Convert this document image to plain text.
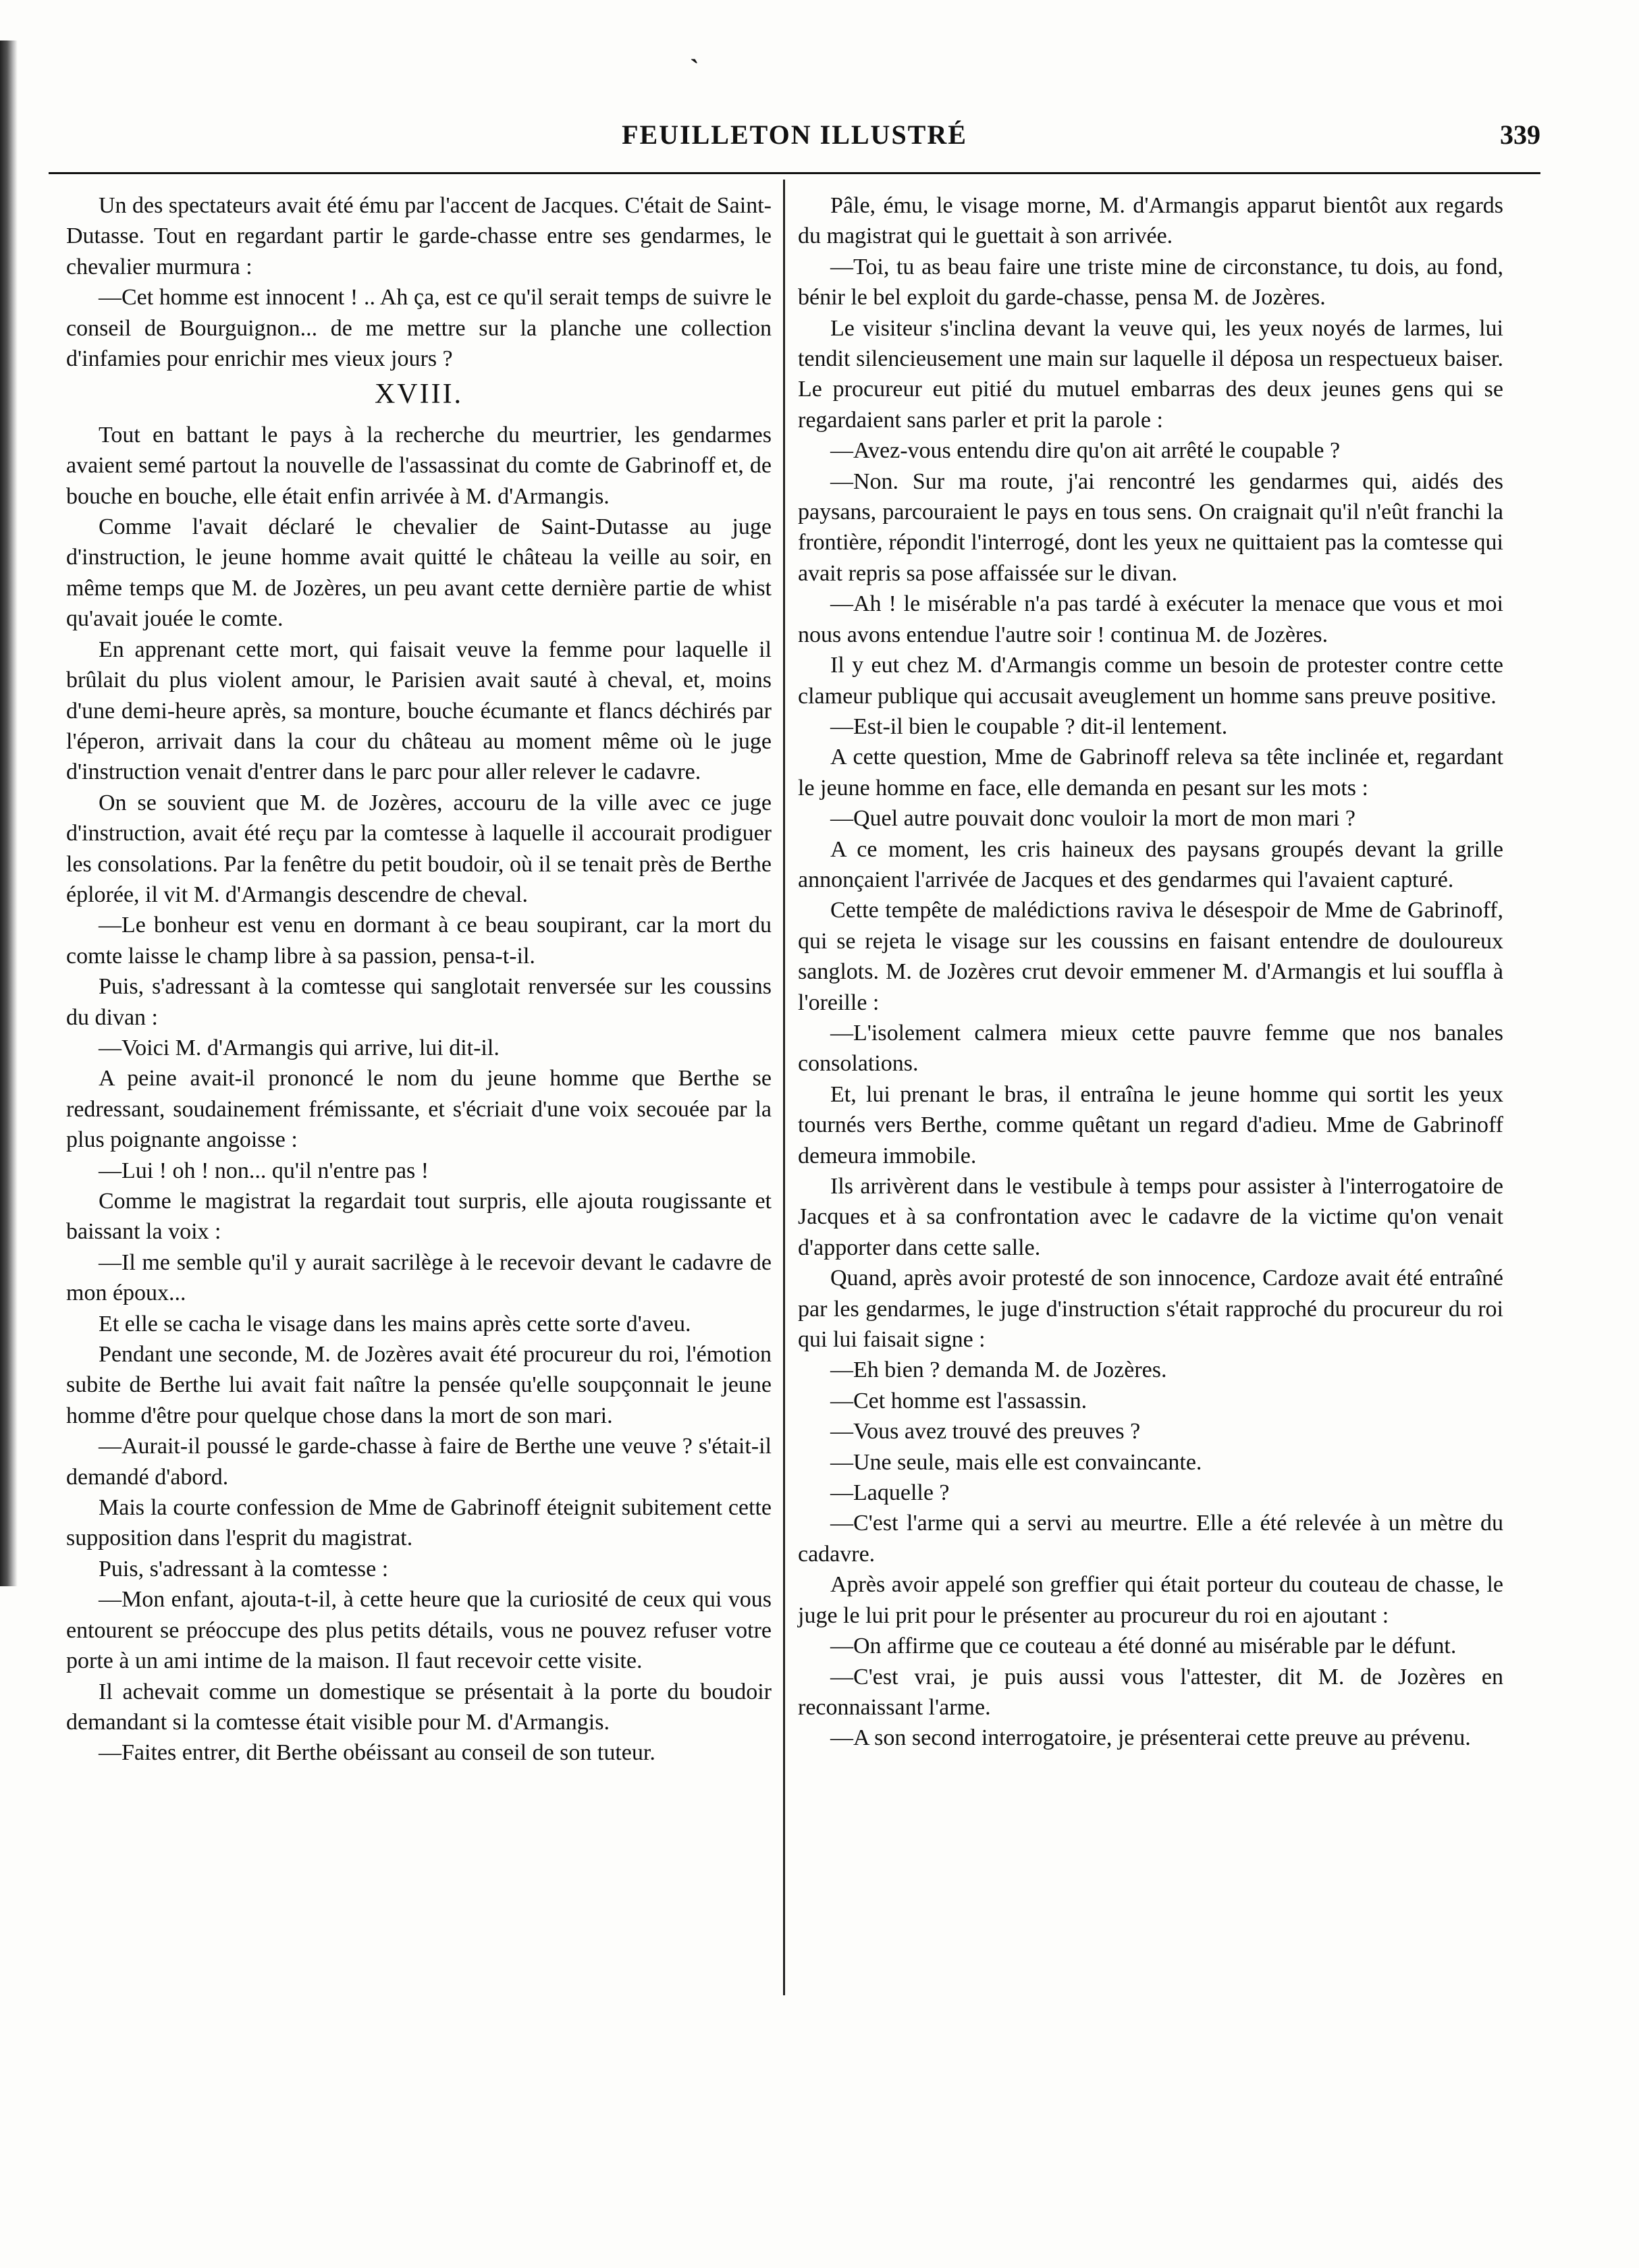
ˎ
FEUILLETON ILLUSTRÉ	339

Un des spectateurs avait été ému par l'accent de Jacques. C'était de Saint-Dutasse. Tout en regardant partir le garde-chasse entre ses gendarmes, le chevalier murmura :

—Cet homme est innocent ! .. Ah ça, est ce qu'il serait temps de suivre le conseil de Bourguignon... de me mettre sur la planche une collection d'infamies pour enrichir mes vieux jours ?

XVIII.

Tout en battant le pays à la recherche du meurtrier, les gendarmes avaient semé partout la nouvelle de l'assassinat du comte de Gabrinoff et, de bouche en bouche, elle était enfin arrivée à M. d'Armangis.

Comme l'avait déclaré le chevalier de Saint-Dutasse au juge d'instruction, le jeune homme avait quitté le château la veille au soir, en même temps que M. de Jozères, un peu avant cette dernière partie de whist qu'avait jouée le comte.

En apprenant cette mort, qui faisait veuve la femme pour laquelle il brûlait du plus violent amour, le Parisien avait sauté à cheval, et, moins d'une demi-heure après, sa monture, bouche écumante et flancs déchirés par l'éperon, arrivait dans la cour du château au moment même où le juge d'instruction venait d'entrer dans le parc pour aller relever le cadavre.

On se souvient que M. de Jozères, accouru de la ville avec ce juge d'instruction, avait été reçu par la comtesse à laquelle il accourait prodiguer les consolations. Par la fenêtre du petit boudoir, où il se tenait près de Berthe éplorée, il vit M. d'Armangis descendre de cheval.

—Le bonheur est venu en dormant à ce beau soupirant, car la mort du comte laisse le champ libre à sa passion, pensa-t-il.

Puis, s'adressant à la comtesse qui sanglotait renversée sur les coussins du divan :

—Voici M. d'Armangis qui arrive, lui dit-il.

A peine avait-il prononcé le nom du jeune homme que Berthe se redressant, soudainement frémissante, et s'écriait d'une voix secouée par la plus poignante angoisse :

—Lui ! oh ! non... qu'il n'entre pas !

Comme le magistrat la regardait tout surpris, elle ajouta rougissante et baissant la voix :

—Il me semble qu'il y aurait sacrilège à le recevoir devant le cadavre de mon époux...

Et elle se cacha le visage dans les mains après cette sorte d'aveu.

Pendant une seconde, M. de Jozères avait été procureur du roi, l'émotion subite de Berthe lui avait fait naître la pensée qu'elle soupçonnait le jeune homme d'être pour quelque chose dans la mort de son mari.

—Aurait-il poussé le garde-chasse à faire de Berthe une veuve ? s'était-il demandé d'abord.

Mais la courte confession de Mme de Gabrinoff éteignit subitement cette supposition dans l'esprit du magistrat.

Puis, s'adressant à la comtesse :

—Mon enfant, ajouta-t-il, à cette heure que la curiosité de ceux qui vous entourent se préoccupe des plus petits détails, vous ne pouvez refuser votre porte à un ami intime de la maison. Il faut recevoir cette visite.

Il achevait comme un domestique se présentait à la porte du boudoir demandant si la comtesse était visible pour M. d'Armangis.

—Faites entrer, dit Berthe obéissant au conseil de son tuteur.

Pâle, ému, le visage morne, M. d'Armangis apparut bientôt aux regards du magistrat qui le guettait à son arrivée.

—Toi, tu as beau faire une triste mine de circonstance, tu dois, au fond, bénir le bel exploit du garde-chasse, pensa M. de Jozères.

Le visiteur s'inclina devant la veuve qui, les yeux noyés de larmes, lui tendit silencieusement une main sur laquelle il déposa un respectueux baiser. Le procureur eut pitié du mutuel embarras des deux jeunes gens qui se regardaient sans parler et prit la parole :

—Avez-vous entendu dire qu'on ait arrêté le coupable ?

—Non. Sur ma route, j'ai rencontré les gendarmes qui, aidés des paysans, parcouraient le pays en tous sens. On craignait qu'il n'eût franchi la frontière, répondit l'interrogé, dont les yeux ne quittaient pas la comtesse qui avait repris sa pose affaissée sur le divan.

—Ah ! le misérable n'a pas tardé à exécuter la menace que vous et moi nous avons entendue l'autre soir ! continua M. de Jozères.

Il y eut chez M. d'Armangis comme un besoin de protester contre cette clameur publique qui accusait aveuglement un homme sans preuve positive.

—Est-il bien le coupable ? dit-il lentement.

A cette question, Mme de Gabrinoff releva sa tête inclinée et, regardant le jeune homme en face, elle demanda en pesant sur les mots :

—Quel autre pouvait donc vouloir la mort de mon mari ?

A ce moment, les cris haineux des paysans groupés devant la grille annonçaient l'arrivée de Jacques et des gendarmes qui l'avaient capturé.

Cette tempête de malédictions raviva le désespoir de Mme de Gabrinoff, qui se rejeta le visage sur les coussins en faisant entendre de douloureux sanglots. M. de Jozères crut devoir emmener M. d'Armangis et lui souffla à l'oreille :

—L'isolement calmera mieux cette pauvre femme que nos banales consolations.

Et, lui prenant le bras, il entraîna le jeune homme qui sortit les yeux tournés vers Berthe, comme quêtant un regard d'adieu. Mme de Gabrinoff demeura immobile.

Ils arrivèrent dans le vestibule à temps pour assister à l'interrogatoire de Jacques et à sa confrontation avec le cadavre de la victime qu'on venait d'apporter dans cette salle.

Quand, après avoir protesté de son innocence, Cardoze avait été entraîné par les gendarmes, le juge d'instruction s'était rapproché du procureur du roi qui lui faisait signe :

—Eh bien ? demanda M. de Jozères.

—Cet homme est l'assassin.

—Vous avez trouvé des preuves ?

—Une seule, mais elle est convaincante.

—Laquelle ?

—C'est l'arme qui a servi au meurtre. Elle a été relevée à un mètre du cadavre.

Après avoir appelé son greffier qui était porteur du couteau de chasse, le juge le lui prit pour le présenter au procureur du roi en ajoutant :

—On affirme que ce couteau a été donné au misérable par le défunt.

—C'est vrai, je puis aussi vous l'attester, dit M. de Jozères en reconnaissant l'arme.

—A son second interrogatoire, je présenterai cette preuve au prévenu.
